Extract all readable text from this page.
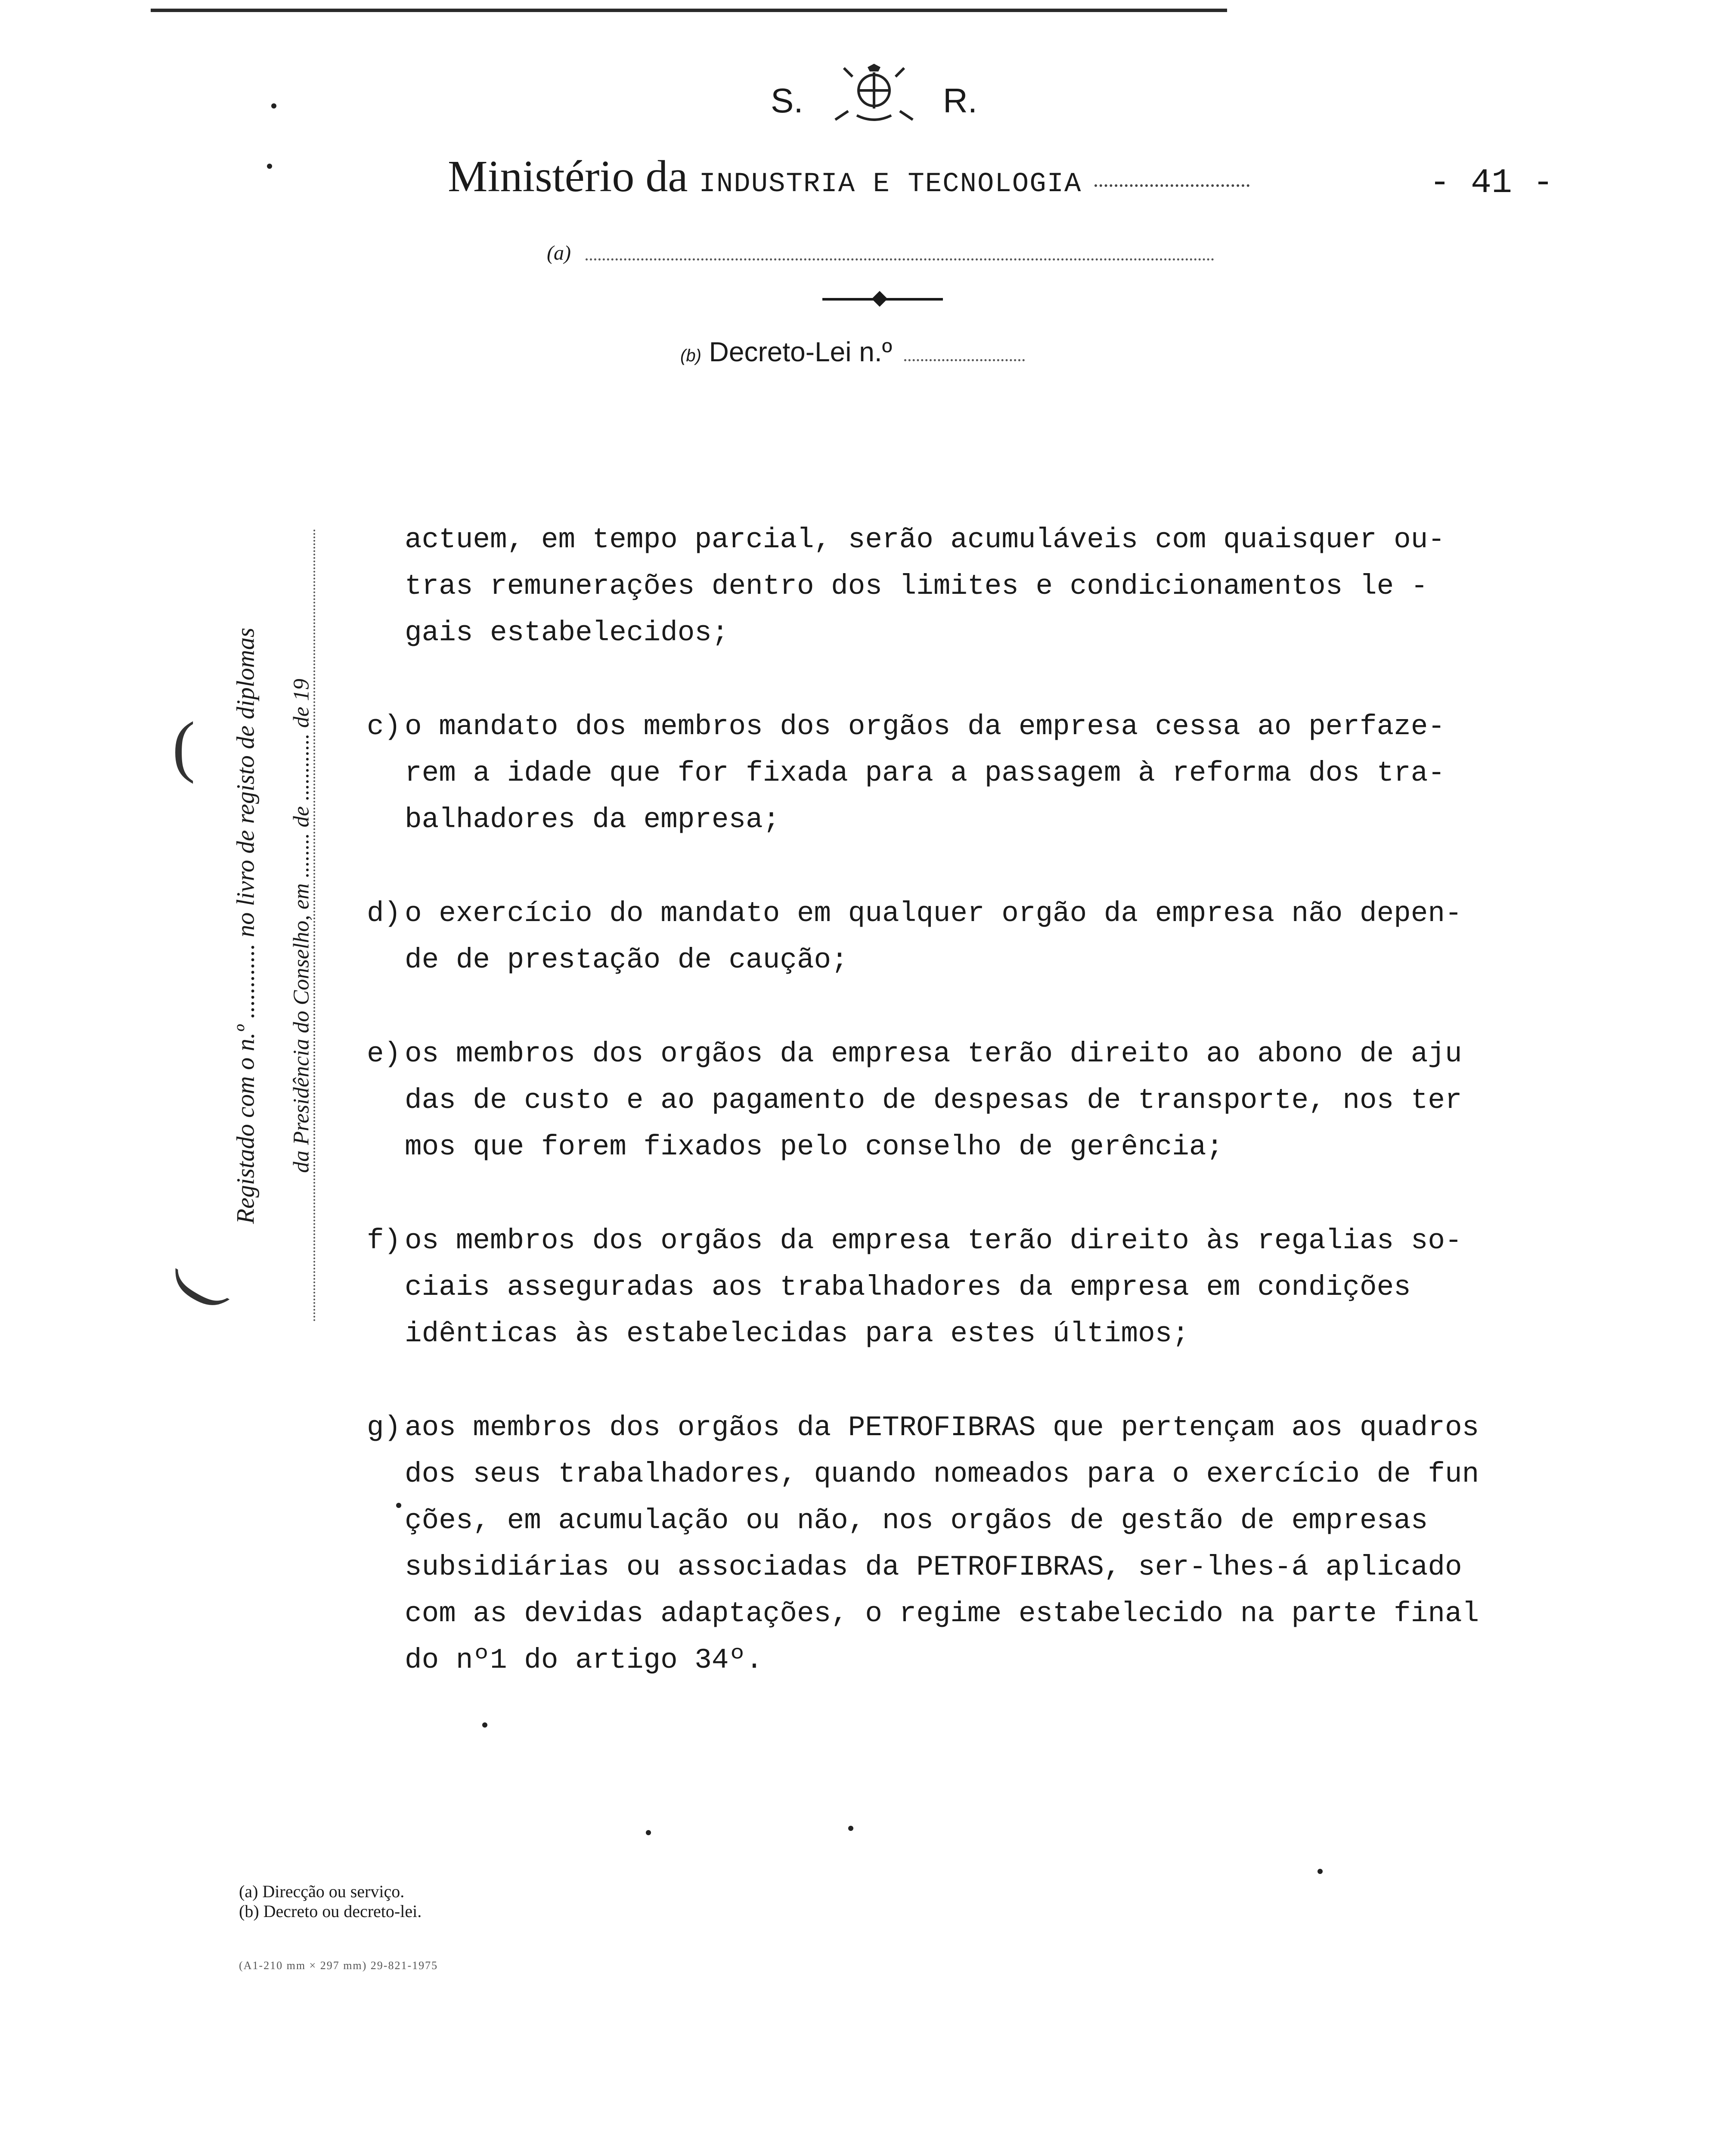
S.	R.
Ministério da INDUSTRIA E TECNOLOGIA	- 41 -
(a)
(b) Decreto-Lei n.º
Registado com o n.º ............ no livro de registo de diplomas da Presidência do Conselho, em ........ de ............ de 19
(
(

actuem, em tempo parcial, serão acumuláveis com quaisquer ou-

tras remunerações dentro dos limites e condicionamentos le -

gais estabelecidos;

c) o mandato dos membros dos orgãos da empresa cessa ao perfaze-

rem a idade que for fixada para a passagem à reforma dos tra-

balhadores da empresa;

d) o exercício do mandato em qualquer orgão da empresa não depen-

de de prestação de caução;

e) os membros dos orgãos da empresa terão direito ao abono de aju

das de custo e ao pagamento de despesas de transporte, nos ter

mos que forem fixados pelo conselho de gerência;

f) os membros dos orgãos da empresa terão direito às regalias so-

ciais asseguradas aos trabalhadores da empresa em condições

idênticas às estabelecidas para estes últimos;

g) aos membros dos orgãos da PETROFIBRAS que pertençam aos quadros

dos seus trabalhadores, quando nomeados para o exercício de fun

ções, em acumulação ou não, nos orgãos de gestão de empresas

subsidiárias ou associadas da PETROFIBRAS, ser-lhes-á aplicado

com as devidas adaptações, o regime estabelecido na parte final

do nº1 do artigo 34º.

(a) Direcção ou serviço.
(b) Decreto ou decreto-lei.
(A1-210 mm × 297 mm) 29-821-1975
